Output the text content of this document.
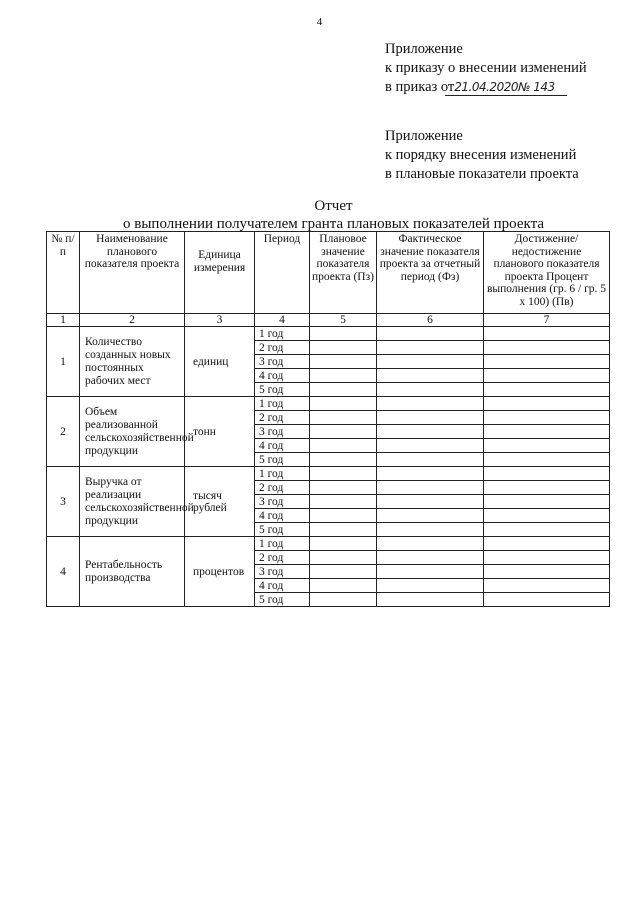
4
Приложение
к приказу о внесении изменений
в приказ от21.04.2020№ 143
Приложение
к порядку внесения изменений
в плановые показатели проекта
Отчет
о выполнении получателем гранта плановых показателей проекта
№ п/п	Наименование планового показателя проекта	Единица измерения	Период	Плановое значение показателя проекта (Пз)	Фактическое значение показателя проекта за отчетный период (Фз)	Достижение/недостижение планового показателя проекта Процент выполнения (гр. 6 / гр. 5 х 100) (Пв)
1	2	3	4	5	6	7
1	Количество созданных новых постоянных рабочих мест	единиц	1 год			
			2 год			
			3 год			
			4 год			
			5 год			
2	Объем реализованной сельскохозяйственной продукции	тонн	1 год			
			2 год			
			3 год			
			4 год			
			5 год			
3	Выручка от реализации сельскохозяйственной продукции	тысяч рублей	1 год			
			2 год			
			3 год			
			4 год			
			5 год			
4	Рентабельность производства	процентов	1 год			
			2 год			
			3 год			
			4 год			
			5 год			
